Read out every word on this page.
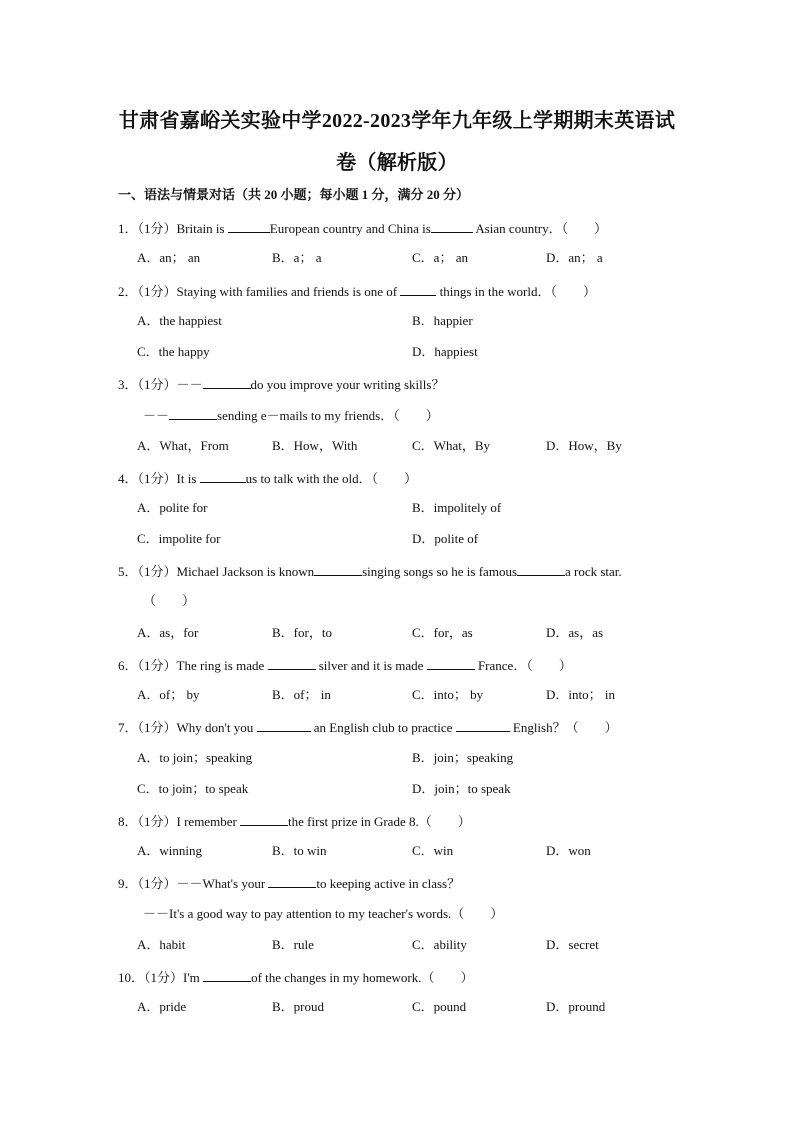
甘肃省嘉峪关实验中学2022-2023学年九年级上学期期末英语试
卷（解析版）
一、语法与情景对话（共 20 小题；每小题 1 分，满分 20 分）
1．（1分）Britain is	European country and China is	Asian country．（　　）
A．an； an	B．a； a	C．a； an	D．an； a
2．（1分）Staying with families and friends is one of	things in the world．（　　）
A．the happiest	B．happier
C．the happy	D．happiest
3．（1分）－－	do you improve your writing skills？
－－	sending e－mails to my friends．（　　）
A．What，From	B．How，With	C．What，By	D．How，By
4．（1分）It is	us to talk with the old．（　　）
A．polite for	B．impolitely of
C．impolite for	D．polite of
5．（1分）Michael Jackson is known	singing songs so he is famous	a rock star.
（　　）
A．as，for	B．for，to	C．for，as	D．as，as
6．（1分）The ring is made	silver and it is made	France．（　　）
A．of； by	B．of； in	C．into； by	D．into； in
7．（1分）Why don't you	an English club to practice	English？（　　）
A．to join；speaking	B．join；speaking
C．to join；to speak	D．join；to speak
8．（1分）I remember	the first prize in Grade 8.（　　）
A．winning	B．to win	C．win	D．won
9．（1分）－－What's your	to keeping active in class？
－－It's a good way to pay attention to my teacher's words.（　　）
A．habit	B．rule	C．ability	D．secret
10．（1分）I'm	of the changes in my homework.（　　）
A．pride	B．proud	C．pound	D．pround
